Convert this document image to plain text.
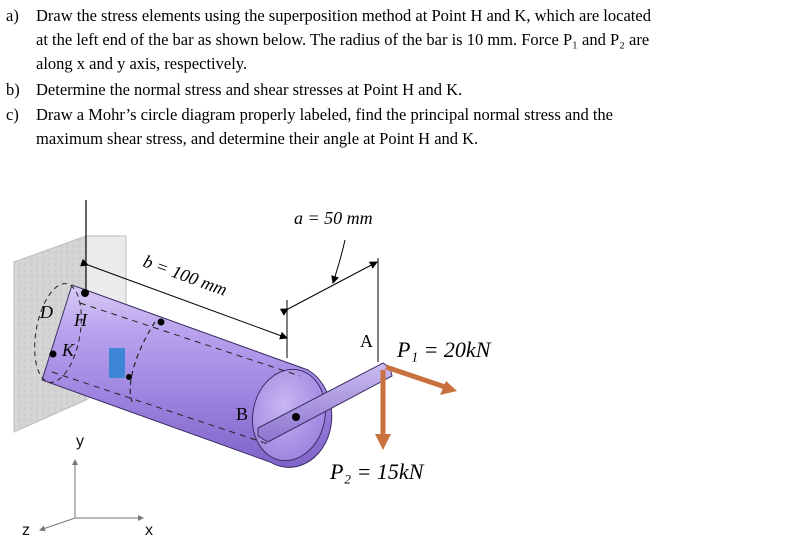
a) Draw the stress elements using the superposition method at Point H and K, which are located
at the left end of the bar as shown below. The radius of the bar is 10 mm. Force P₁ and P₂ are
along x and y axis, respectively.
b) Determine the normal stress and shear stresses at Point H and K.
c) Draw a Mohr’s circle diagram properly labeled, find the principal normal stress and the
maximum shear stress, and determine their angle at Point H and K.
a = 50 mm
b = 100 mm
D H
K	A
B
P₁ = 20kN
P₂ = 15kN
y
x
z
